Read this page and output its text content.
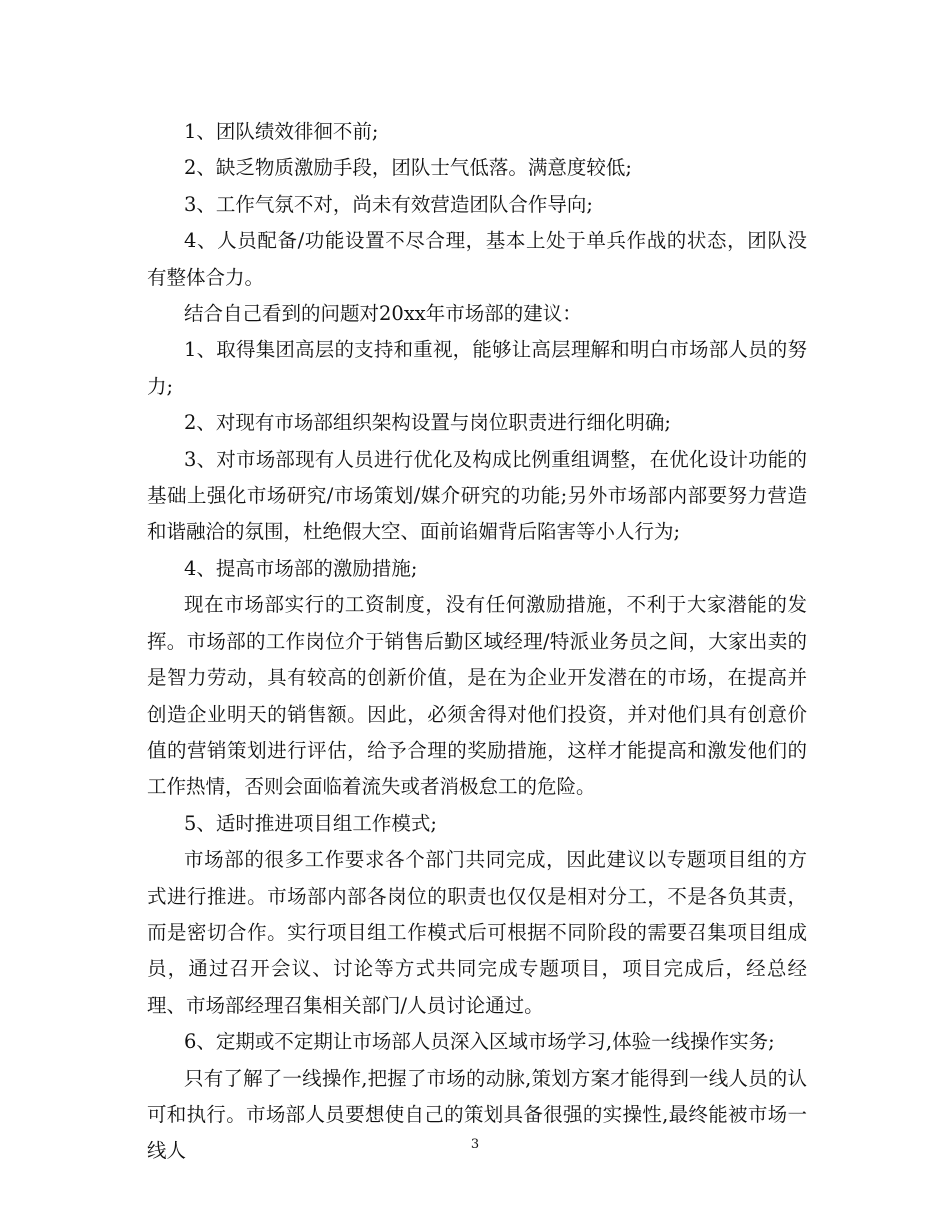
1、团队绩效徘徊不前;

2、缺乏物质激励手段，团队士气低落。满意度较低;

3、工作气氛不对，尚未有效营造团队合作导向;

4、人员配备/功能设置不尽合理，基本上处于单兵作战的状态，团队没有整体合力。

结合自己看到的问题对20xx年市场部的建议：

1、取得集团高层的支持和重视，能够让高层理解和明白市场部人员的努力;

2、对现有市场部组织架构设置与岗位职责进行细化明确;

3、对市场部现有人员进行优化及构成比例重组调整，在优化设计功能的基础上强化市场研究/市场策划/媒介研究的功能;另外市场部内部要努力营造和谐融洽的氛围，杜绝假大空、面前谄媚背后陷害等小人行为;

4、提高市场部的激励措施;

现在市场部实行的工资制度，没有任何激励措施，不利于大家潜能的发挥。市场部的工作岗位介于销售后勤区域经理/特派业务员之间，大家出卖的是智力劳动，具有较高的创新价值，是在为企业开发潜在的市场，在提高并创造企业明天的销售额。因此，必须舍得对他们投资，并对他们具有创意价值的营销策划进行评估，给予合理的奖励措施，这样才能提高和激发他们的工作热情，否则会面临着流失或者消极怠工的危险。

5、适时推进项目组工作模式;

市场部的很多工作要求各个部门共同完成，因此建议以专题项目组的方式进行推进。市场部内部各岗位的职责也仅仅是相对分工，不是各负其责，而是密切合作。实行项目组工作模式后可根据不同阶段的需要召集项目组成员，通过召开会议、讨论等方式共同完成专题项目，项目完成后，经总经理、市场部经理召集相关部门/人员讨论通过。

6、定期或不定期让市场部人员深入区域市场学习,体验一线操作实务;

只有了解了一线操作,把握了市场的动脉,策划方案才能得到一线人员的认可和执行。市场部人员要想使自己的策划具备很强的实操性,最终能被市场一线人	3
